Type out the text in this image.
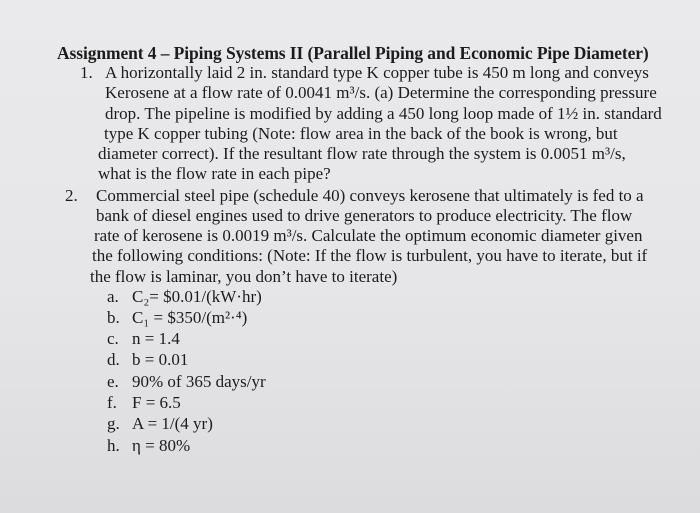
Assignment 4 – Piping Systems II (Parallel Piping and Economic Pipe Diameter)
1. A horizontally laid 2 in. standard type K copper tube is 450 m long and conveys
Kerosene at a flow rate of 0.0041 m³/s. (a) Determine the corresponding pressure
drop. The pipeline is modified by adding a 450 long loop made of 1½ in. standard
type K copper tubing (Note: flow area in the back of the book is wrong, but
diameter correct). If the resultant flow rate through the system is 0.0051 m³/s,
what is the flow rate in each pipe?
2. Commercial steel pipe (schedule 40) conveys kerosene that ultimately is fed to a
bank of diesel engines used to drive generators to produce electricity. The flow
rate of kerosene is 0.0019 m³/s. Calculate the optimum economic diameter given
the following conditions: (Note: If the flow is turbulent, you have to iterate, but if
the flow is laminar, you don’t have to iterate)
a. C₂= $0.01/(kW·hr)
b. C₁ = $350/(m²·⁴)
c. n = 1.4
d. b = 0.01
e. 90% of 365 days/yr
f. F = 6.5
g. A = 1/(4 yr)
h. η = 80%
